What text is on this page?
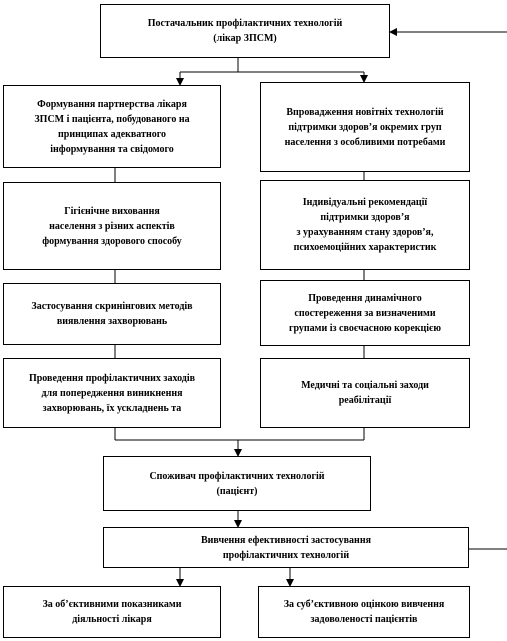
Постачальник профілактичних технологій
(лікар ЗПСМ)
Формування партнерства лікаря
ЗПСМ і пацієнта, побудованого на
принципах адекватного
інформування та свідомого
Впровадження новітніх технологій
підтримки здоров’я окремих груп
населення з особливими потребами
Гігієнічне виховання
населення з різних аспектів
формування здорового способу
Індивідуальні рекомендації
підтримки здоров’я
з урахуванням стану здоров’я,
психоемоційних характеристик
Застосування скринінгових методів
виявлення захворювань
Проведення динамічного
спостереження за визначеними
групами із своєчасною корекцією
Проведення профілактичних заходів
для попередження виникнення
захворювань, їх ускладнень та
Медичні та соціальні заходи
реабілітації
Споживач профілактичних технологій
(пацієнт)
Вивчення ефективності застосування
профілактичних технологій
За об’єктивними показниками
діяльності лікаря
За суб’єктивною оцінкою вивчення
задоволеності пацієнтів
